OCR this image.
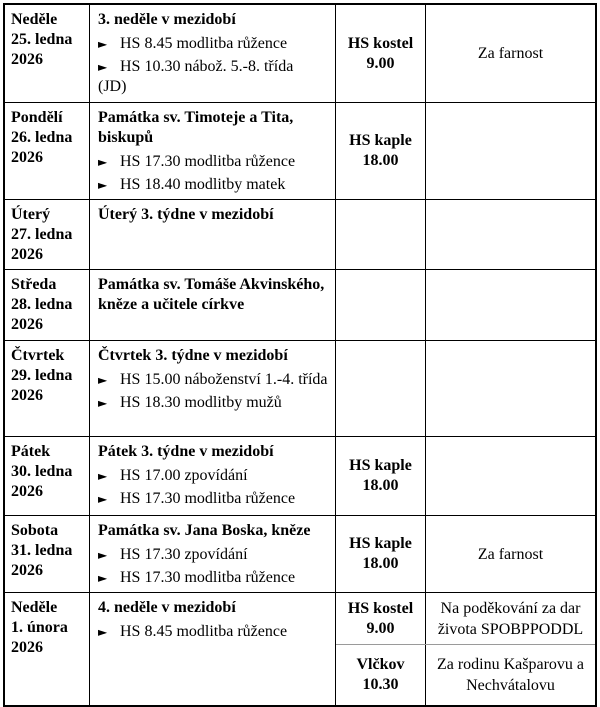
Neděle
25. ledna
2026
3. neděle v mezidobí
► HS 8.45 modlitba růžence
► HS 10.30 nábož. 5.-8. třída
(JD)
HS kostel
9.00
Za farnost
Pondělí
26. ledna
2026
Památka sv. Timoteje a Tita, biskupů
► HS 17.30 modlitba růžence
► HS 18.40 modlitby matek
HS kaple
18.00
Úterý
27. ledna
2026
Úterý 3. týdne v mezidobí
Středa
28. ledna
2026
Památka sv. Tomáše Akvinského, kněze a učitele církve
Čtvrtek
29. ledna
2026
Čtvrtek 3. týdne v mezidobí
► HS 15.00 náboženství 1.-4. třída
► HS 18.30 modlitby mužů
Pátek
30. ledna
2026
Pátek 3. týdne v mezidobí
► HS 17.00 zpovídání
► HS 17.30 modlitba růžence
HS kaple
18.00
Sobota
31. ledna
2026
Památka sv. Jana Boska, kněze
► HS 17.30 zpovídání
► HS 17.30 modlitba růžence
HS kaple
18.00
Za farnost
Neděle
1. února
2026
4. neděle v mezidobí
► HS 8.45 modlitba růžence
HS kostel
9.00
Na poděkování za dar života SPOBPPODDL
Vlčkov
10.30
Za rodinu Kašparovu a Nechvátalovu
